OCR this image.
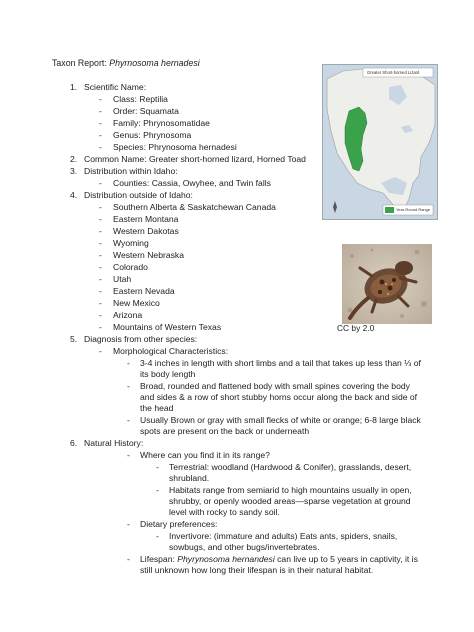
Taxon Report: Phyrnosoma hernadesi
1. Scientific Name:
- Class: Reptilia
- Order: Squamata
- Family: Phrynosomatidae
- Genus: Phrynosoma
- Species: Phrynosoma hernadesi
2. Common Name: Greater short-horned lizard, Horned Toad
3. Distribution within Idaho:
- Counties: Cassia, Owyhee, and Twin falls
4. Distribution outside of Idaho:
- Southern Alberta & Saskatchewan Canada
- Eastern Montana
- Western Dakotas
- Wyoming
- Western Nebraska
- Colorado
- Utah
- Eastern Nevada
- New Mexico
- Arizona
- Mountains of Western Texas
5. Diagnosis from other species:
- Morphological Characteristics:
- 3-4 inches in length with short limbs and a tail that takes up less than ⅓ of
its body length
- Broad, rounded and flattened body with small spines covering the body
and sides & a row of short stubby horns occur along the back and side of
the head
- Usually Brown or gray with small flecks of white or orange; 6-8 large black
spots are present on the back or underneath
6. Natural History:
- Where can you find it in its range?
- Terrestrial: woodland (Hardwood & Conifer), grasslands, desert,
shrubland.
- Habitats range from semiarid to high mountains usually in open,
shrubby, or openly wooded areas—sparse vegetation at ground
level with rocky to sandy soil.
- Dietary preferences:
- Invertivore: (immature and adults) Eats ants, spiders, snails,
sowbugs, and other bugs/invertebrates.
- Lifespan: Phyrynosoma hernandesi can live up to 5 years in captivity, it is
still unknown how long their lifespan is in their natural habitat.
Greater Short-horned Lizard
Year-Round Range
CC by 2.0
